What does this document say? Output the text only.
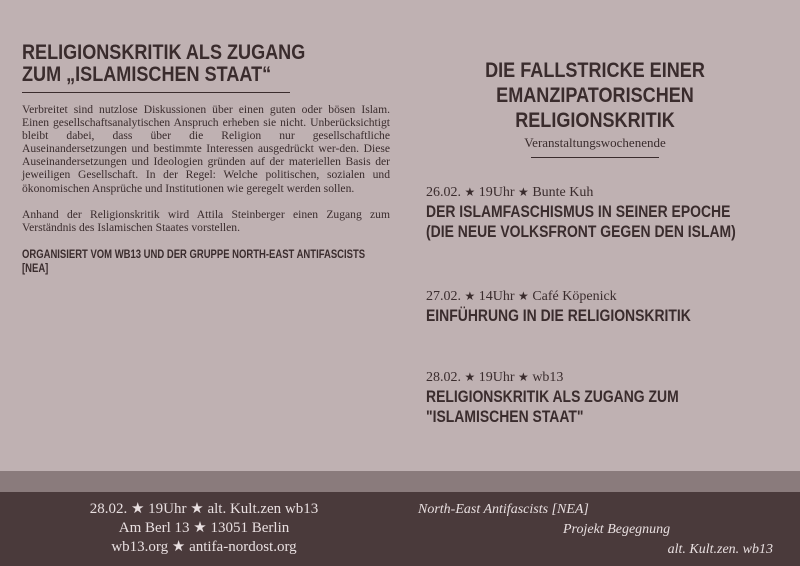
RELIGIONSKRITIK ALS ZUGANG
ZUM „ISLAMISCHEN STAAT“

Verbreitet sind nutzlose Diskussionen über einen guten oder bösen Islam. Einen gesellschaftsanalytischen Anspruch erheben sie nicht. Unberücksichtigt bleibt dabei, dass über die Religion nur gesellschaftliche Auseinandersetzungen und bestimmte Interessen ausgedrückt wer-den. Diese Auseinandersetzungen und Ideologien gründen auf der materiellen Basis der jeweiligen Gesellschaft. In der Regel: Welche politischen, sozialen und ökonomischen Ansprüche und Institutionen wie geregelt werden sollen.

Anhand der Religionskritik wird Attila Steinberger einen Zugang zum Verständnis des Islamischen Staates vorstellen.

ORGANISIERT VOM WB13 UND DER GRUPPE NORTH-EAST ANTIFASCISTS [NEA]
DIE FALLSTRICKE EINER
EMANZIPATORISCHEN RELIGIONSKRITIK
Veranstaltungswochenende
26.02. ★ 19Uhr ★ Bunte Kuh
DER ISLAMFASCHISMUS IN SEINER EPOCHE
(DIE NEUE VOLKSFRONT GEGEN DEN ISLAM)
27.02. ★ 14Uhr ★ Café Köpenick
EINFÜHRUNG IN DIE RELIGIONSKRITIK
28.02. ★ 19Uhr ★ wb13
RELIGIONSKRITIK ALS ZUGANG ZUM
"ISLAMISCHEN STAAT"
28.02. ★ 19Uhr ★ alt. Kult.zen wb13
Am Berl 13 ★ 13051 Berlin
wb13.org ★ antifa-nordost.org
North-East Antifascists [NEA]
Projekt Begegnung
alt. Kult.zen. wb13
